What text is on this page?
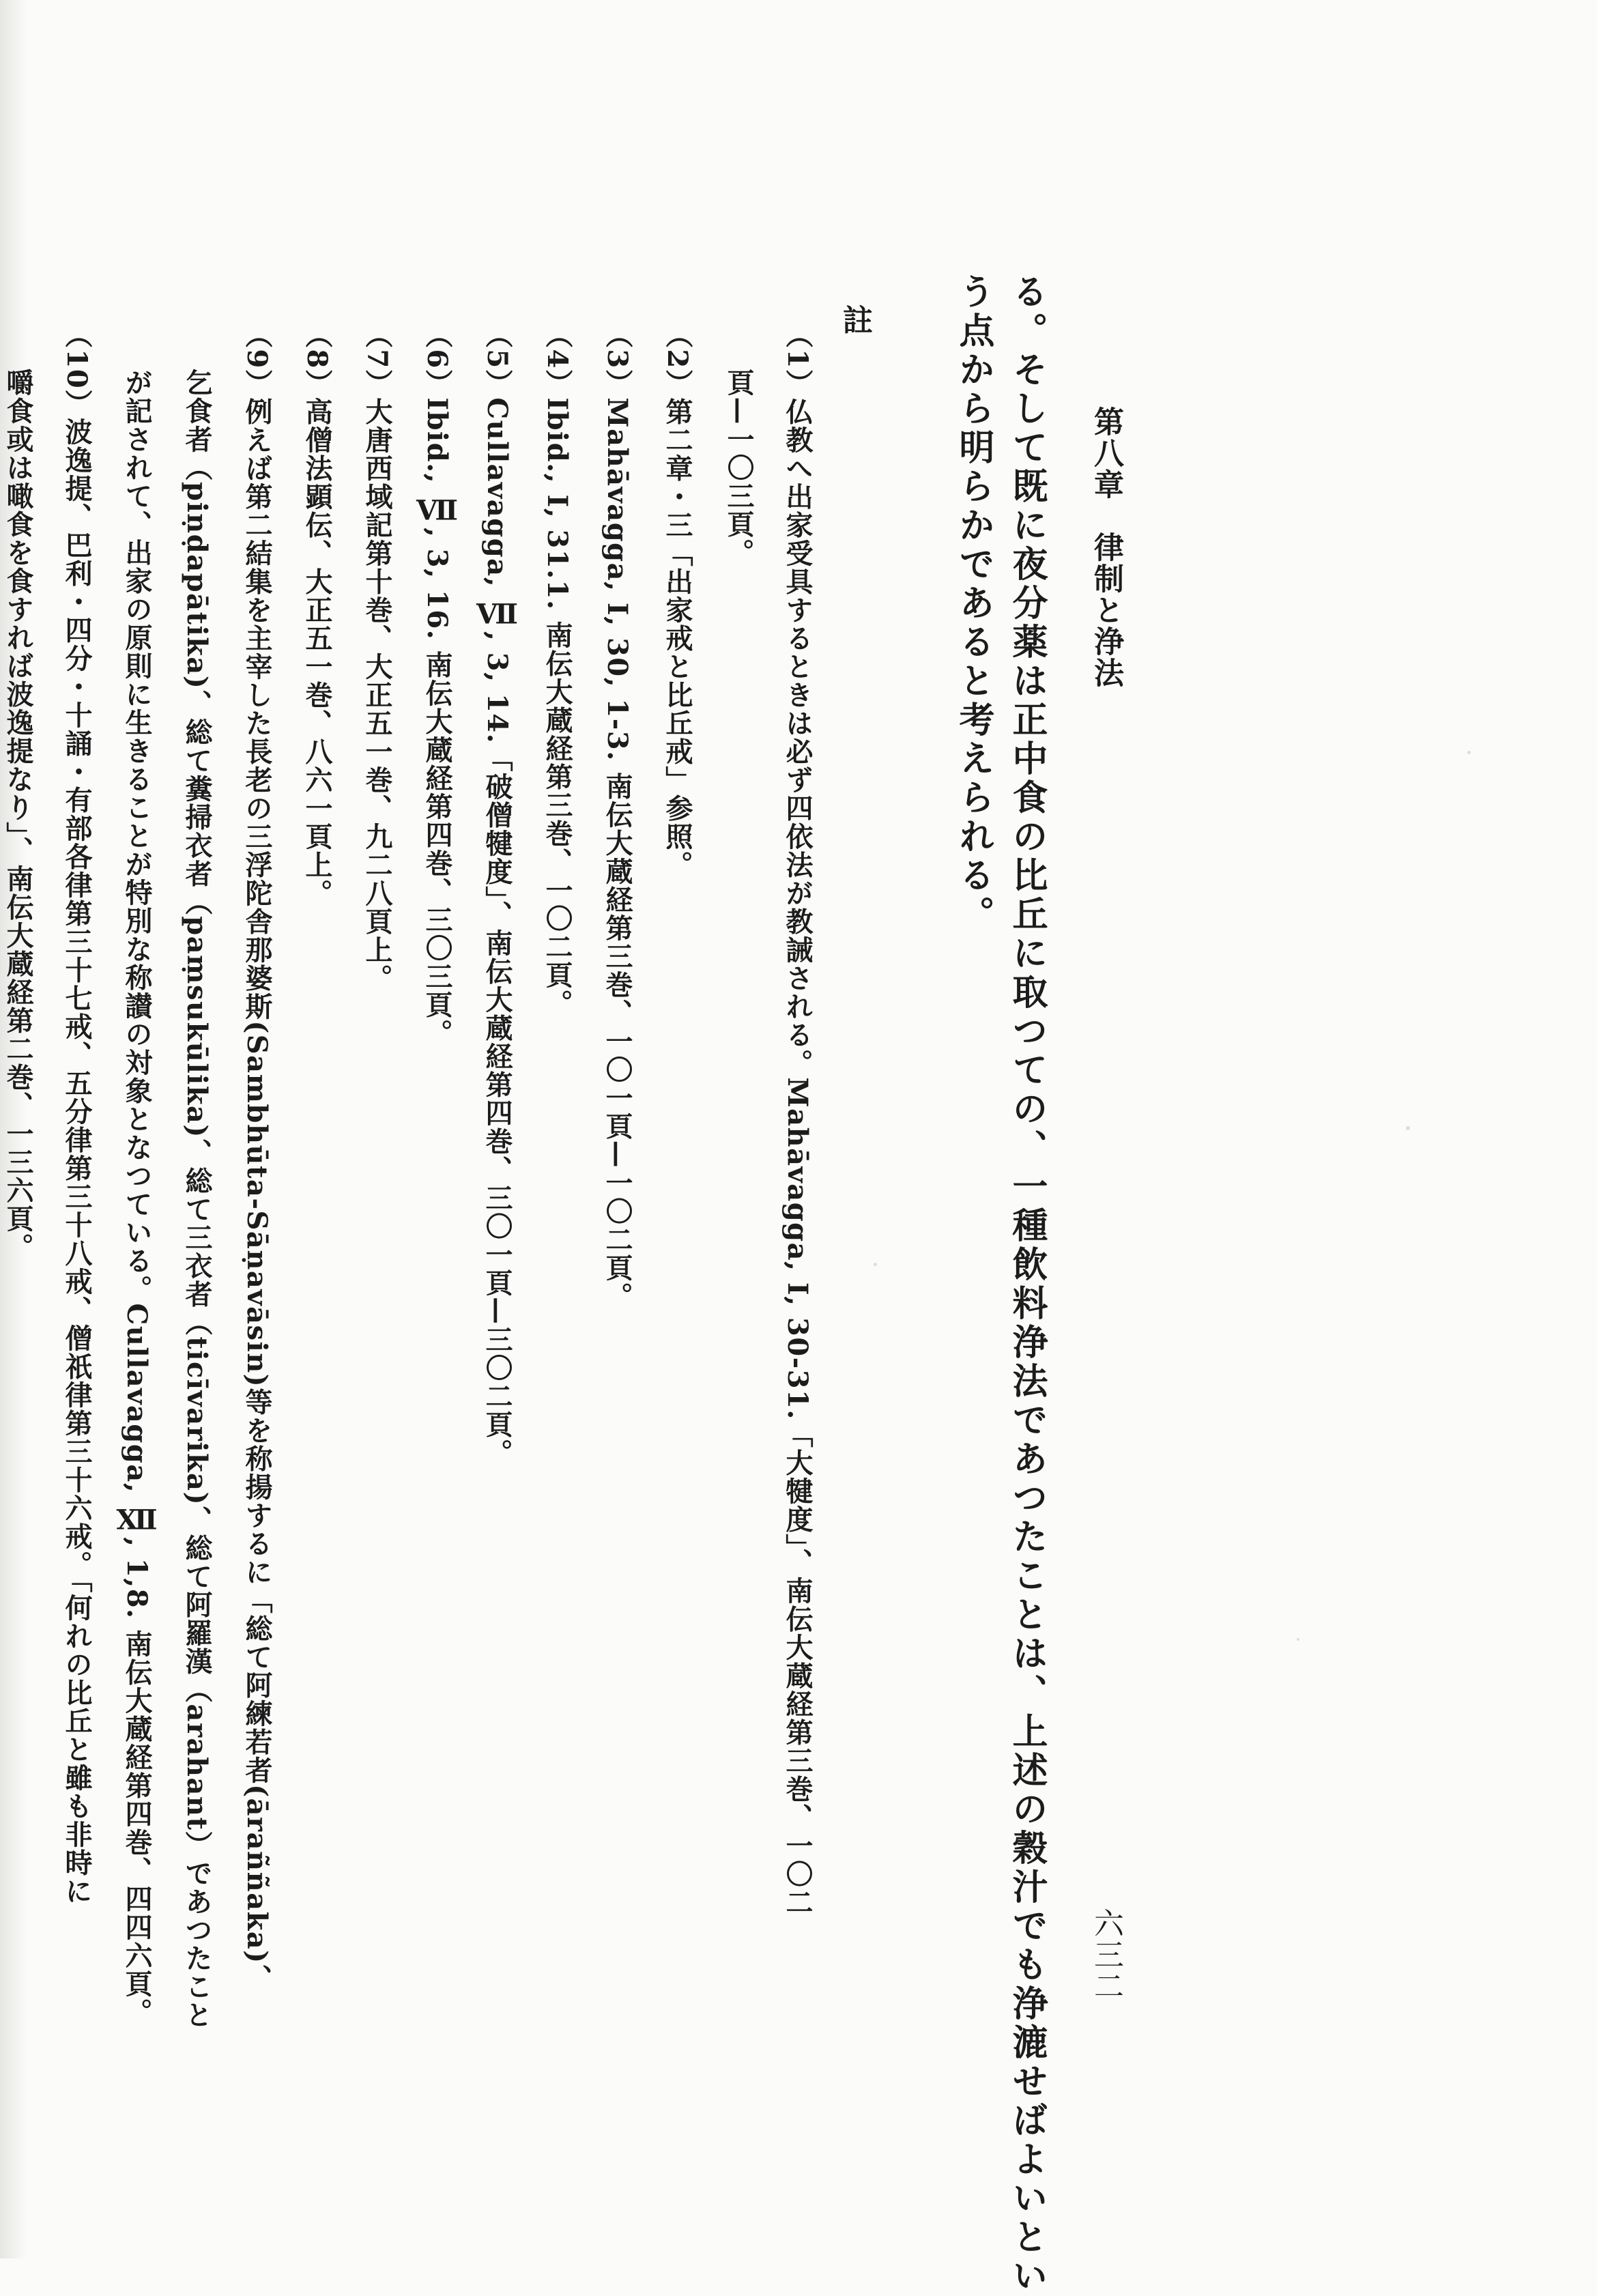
第八章　律制と浄法
六三二
る。そして既に夜分薬は正中食の比丘に取つての、一種飲料浄法であつたことは、上述の穀汁でも浄漉せばよいとい
う点から明らかであると考えられる。
註
（1）仏教へ出家受具するときは必ず四依法が教誡される。Mahāvagga, I, 30-31.「大犍度」、南伝大蔵経第三巻、一〇二
頁—一〇三頁。
（2）第二章・三「出家戒と比丘戒」参照。
（3）Mahāvagga, I, 30, 1-3. 南伝大蔵経第三巻、一〇一頁—一〇二頁。
（4）Ibid., I, 31.1. 南伝大蔵経第三巻、一〇二頁。
（5）Cullavagga, Ⅶ, 3, 14.「破僧犍度」、南伝大蔵経第四巻、三〇一頁—三〇二頁。
（6）Ibid., Ⅶ, 3, 16. 南伝大蔵経第四巻、三〇三頁。
（7）大唐西域記第十巻、大正五一巻、九二八頁上。
（8）高僧法顕伝、大正五一巻、八六一頁上。
（9）例えば第二結集を主宰した長老の三浮陀舎那婆斯(Sambhūta-Sāṇavāsin)等を称揚するに「総て阿練若者(āraññaka)、
乞食者（piṇḍapātika)、総て糞掃衣者（paṃsukūlika)、総て三衣者（ticīvarika)、総て阿羅漢（arahant）であつたこと
が記されて、出家の原則に生きることが特別な称讃の対象となつている。Cullavagga, Ⅻ, 1,8. 南伝大蔵経第四巻、四四六頁。
（10）波逸提、巴利・四分・十誦・有部各律第三十七戒、五分律第三十八戒、僧祇律第三十六戒。「何れの比丘と雖も非時に
嚼食或は噉食を食すれば波逸提なり」、南伝大蔵経第二巻、一三六頁。
